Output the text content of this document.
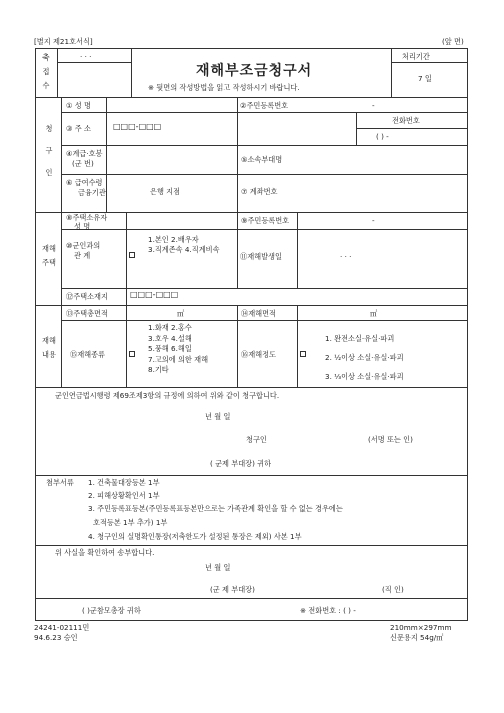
[별지 제21호서식]	(앞 면)
축
접
수
· · ·
재해부조금청구서
※ 뒷면의 작성방법을 읽고 작성하시기 바랍니다.
처리기간
7 일
청
구
인
① 성 명	②주민등록번호	-
③ 주 소	□□□-□□□
전화번호
( ) -
④계급·호봉
(군 번)	⑤소속부대명
⑥ 급여수령
금융기관	은행 지점	⑦ 계좌번호
재해
주택
⑧주택소유자
성 명
⑨주민등록번호	-
⑩군인과의
관 계
1.본인 2.배우자
3.직계존속 4.직계비속
⑪재해발생일	· · ·
⑫주택소재지	□□□-□□□
재해
내용
⑬주택총면적	㎡	⑭재해면적	㎡
⑮재해종류
1.화재 2.홍수
3.호우 4.설해
5.풍해 6.해일
7.고의에 의한 재해
8.기타
⑯재해정도
1. 완전소실·유실·파괴
2. ½이상 소실·유실·파괴
3. ⅓이상 소실·유실·파괴
군인연금법시행령 제69조제3항의 규정에 의하여 위와 같이 청구합니다.
년 월 일
청구인	(서명 또는 인)
( 군제 부대장) 귀하
첨부서류 1. 건축물대장등본 1부
2. 피해상황확인서 1부
3. 주민등록표등본(주민등록표등본만으로는 가족관계 확인을 할 수 없는 경우에는
호적등본 1부 추가) 1부
4. 청구인의 실명확인통장(저축한도가 설정된 통장은 제외) 사본 1부
위 사실을 확인하여 송부합니다.
년 월 일
(군 제 부대장)	(직 인)
( )군참모총장 귀하	※ 전화번호 : ( ) -
24241-02111민
94.6.23 승인
210mm×297mm
신문용지 54g/㎡
